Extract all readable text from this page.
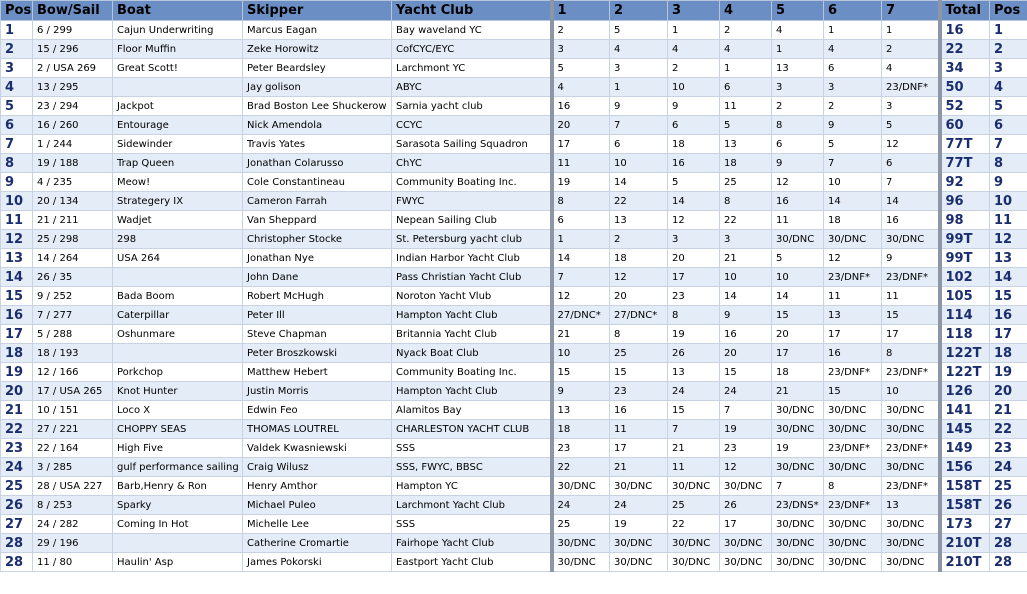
Pos	Bow/Sail	Boat	Skipper	Yacht Club	1	2	3	4	5	6	7	Total	Pos
1	6 / 299	Cajun Underwriting	Marcus Eagan	Bay waveland YC	2	5	1	2	4	1	1	16	1
2	15 / 296	Floor Muffin	Zeke Horowitz	CofCYC/EYC	3	4	4	4	1	4	2	22	2
3	2 / USA 269	Great Scott!	Peter Beardsley	Larchmont YC	5	3	2	1	13	6	4	34	3
4	13 / 295		Jay golison	ABYC	4	1	10	6	3	3	23/DNF*	50	4
5	23 / 294	Jackpot	Brad Boston Lee Shuckerow	Sarnia yacht club	16	9	9	11	2	2	3	52	5
6	16 / 260	Entourage	Nick Amendola	CCYC	20	7	6	5	8	9	5	60	6
7	1 / 244	Sidewinder	Travis Yates	Sarasota Sailing Squadron	17	6	18	13	6	5	12	77T	7
8	19 / 188	Trap Queen	Jonathan Colarusso	ChYC	11	10	16	18	9	7	6	77T	8
9	4 / 235	Meow!	Cole Constantineau	Community Boating Inc.	19	14	5	25	12	10	7	92	9
10	20 / 134	Strategery IX	Cameron Farrah	FWYC	8	22	14	8	16	14	14	96	10
11	21 / 211	Wadjet	Van Sheppard	Nepean Sailing Club	6	13	12	22	11	18	16	98	11
12	25 / 298	298	Christopher Stocke	St. Petersburg yacht club	1	2	3	3	30/DNC	30/DNC	30/DNC	99T	12
13	14 / 264	USA 264	Jonathan Nye	Indian Harbor Yacht Club	14	18	20	21	5	12	9	99T	13
14	26 / 35		John Dane	Pass Christian Yacht Club	7	12	17	10	10	23/DNF*	23/DNF*	102	14
15	9 / 252	Bada Boom	Robert McHugh	Noroton Yacht Vlub	12	20	23	14	14	11	11	105	15
16	7 / 277	Caterpillar	Peter Ill	Hampton Yacht Club	27/DNC*	27/DNC*	8	9	15	13	15	114	16
17	5 / 288	Oshunmare	Steve Chapman	Britannia Yacht Club	21	8	19	16	20	17	17	118	17
18	18 / 193		Peter Broszkowski	Nyack Boat Club	10	25	26	20	17	16	8	122T	18
19	12 / 166	Porkchop	Matthew Hebert	Community Boating Inc.	15	15	13	15	18	23/DNF*	23/DNF*	122T	19
20	17 / USA 265	Knot Hunter	Justin Morris	Hampton Yacht Club	9	23	24	24	21	15	10	126	20
21	10 / 151	Loco X	Edwin Feo	Alamitos Bay	13	16	15	7	30/DNC	30/DNC	30/DNC	141	21
22	27 / 221	CHOPPY SEAS	THOMAS LOUTREL	CHARLESTON YACHT CLUB	18	11	7	19	30/DNC	30/DNC	30/DNC	145	22
23	22 / 164	High Five	Valdek Kwasniewski	SSS	23	17	21	23	19	23/DNF*	23/DNF*	149	23
24	3 / 285	gulf performance sailing	Craig Wilusz	SSS, FWYC, BBSC	22	21	11	12	30/DNC	30/DNC	30/DNC	156	24
25	28 / USA 227	Barb,Henry & Ron	Henry Amthor	Hampton YC	30/DNC	30/DNC	30/DNC	30/DNC	7	8	23/DNF*	158T	25
26	8 / 253	Sparky	Michael Puleo	Larchmont Yacht Club	24	24	25	26	23/DNS*	23/DNF*	13	158T	26
27	24 / 282	Coming In Hot	Michelle Lee	SSS	25	19	22	17	30/DNC	30/DNC	30/DNC	173	27
28	29 / 196		Catherine Cromartie	Fairhope Yacht Club	30/DNC	30/DNC	30/DNC	30/DNC	30/DNC	30/DNC	30/DNC	210T	28
28	11 / 80	Haulin' Asp	James Pokorski	Eastport Yacht Club	30/DNC	30/DNC	30/DNC	30/DNC	30/DNC	30/DNC	30/DNC	210T	28
